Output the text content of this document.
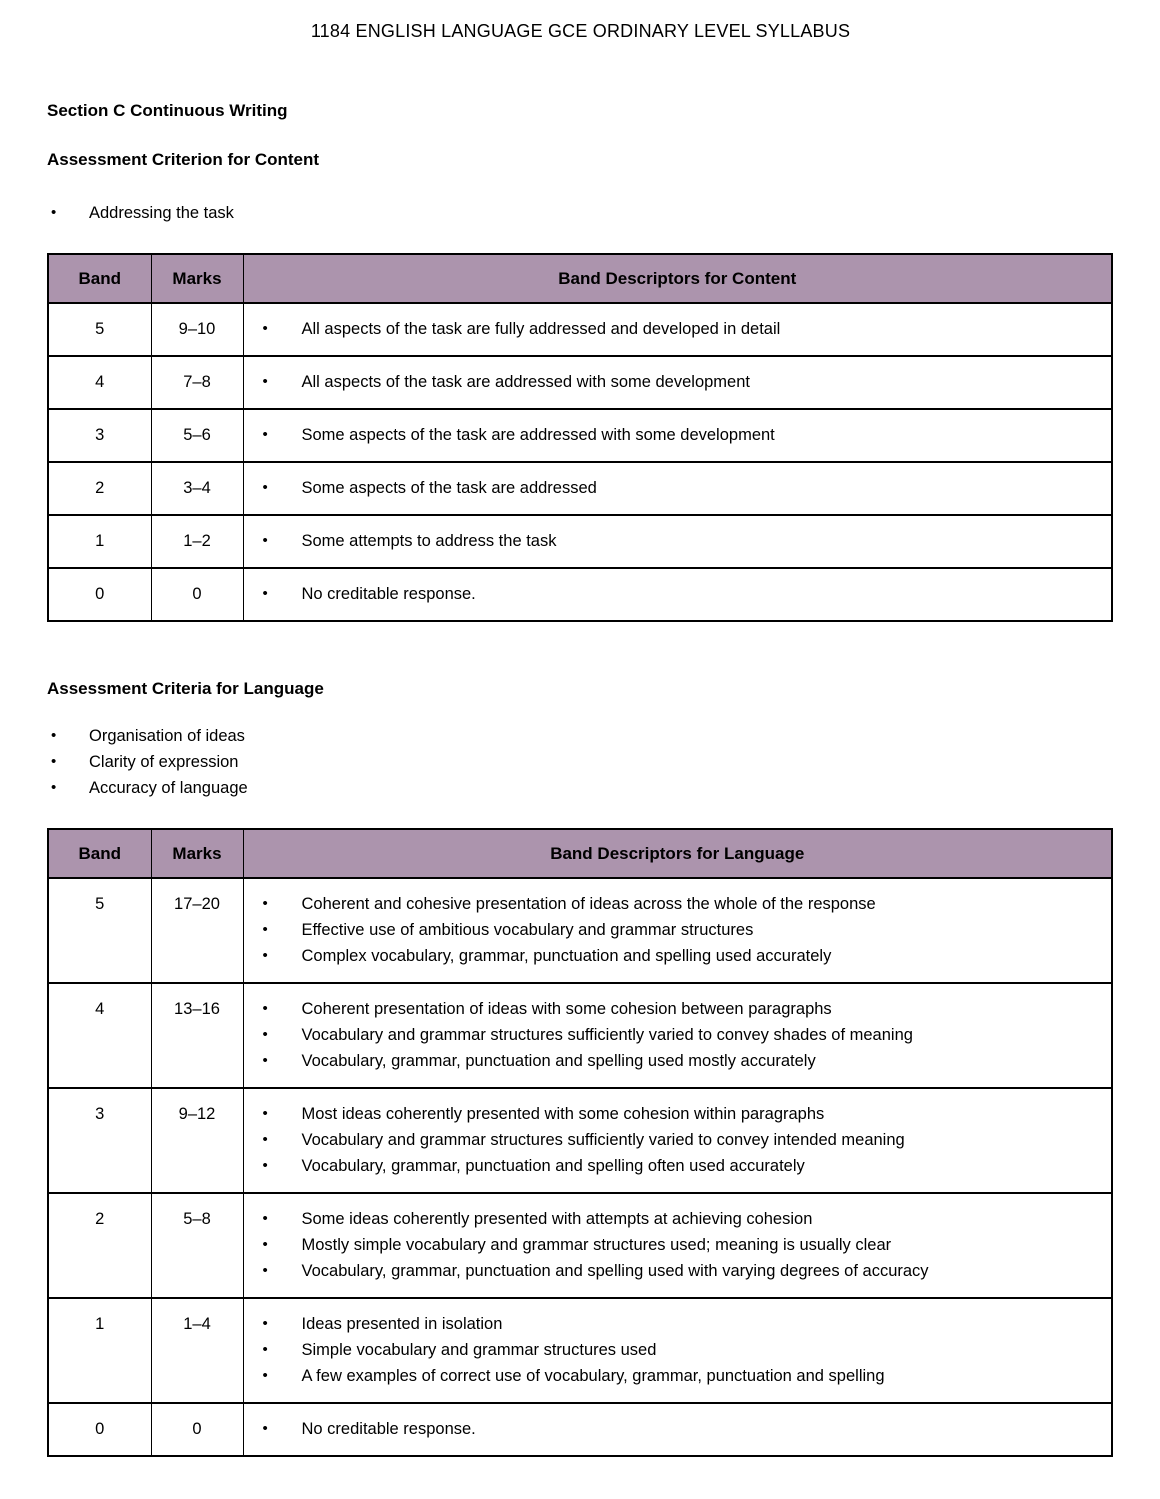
1184 ENGLISH LANGUAGE GCE ORDINARY LEVEL SYLLABUS
Section C Continuous Writing
Assessment Criterion for Content
•	Addressing the task
Band	Marks	Band Descriptors for Content
5	9–10	• All aspects of the task are fully addressed and developed in detail

4	7–8	• All aspects of the task are addressed with some development

3	5–6	• Some aspects of the task are addressed with some development

2	3–4	• Some aspects of the task are addressed

1	1–2	• Some attempts to address the task

0	0	• No creditable response.
Assessment Criteria for Language
•	Organisation of ideas
•	Clarity of expression
•	Accuracy of language
Band	Marks	Band Descriptors for Language
5	17–20	•	Coherent and cohesive presentation of ideas across the whole of the response
•	Effective use of ambitious vocabulary and grammar structures
•	Complex vocabulary, grammar, punctuation and spelling used accurately

4	13–16	•	Coherent presentation of ideas with some cohesion between paragraphs
•	Vocabulary and grammar structures sufficiently varied to convey shades of meaning
•	Vocabulary, grammar, punctuation and spelling used mostly accurately

3	9–12	•	Most ideas coherently presented with some cohesion within paragraphs
•	Vocabulary and grammar structures sufficiently varied to convey intended meaning
•	Vocabulary, grammar, punctuation and spelling often used accurately

2	5–8	•	Some ideas coherently presented with attempts at achieving cohesion
•	Mostly simple vocabulary and grammar structures used; meaning is usually clear
•	Vocabulary, grammar, punctuation and spelling used with varying degrees of accuracy

1	1–4	•	Ideas presented in isolation
•	Simple vocabulary and grammar structures used
•	A few examples of correct use of vocabulary, grammar, punctuation and spelling

0	0	• No creditable response.
